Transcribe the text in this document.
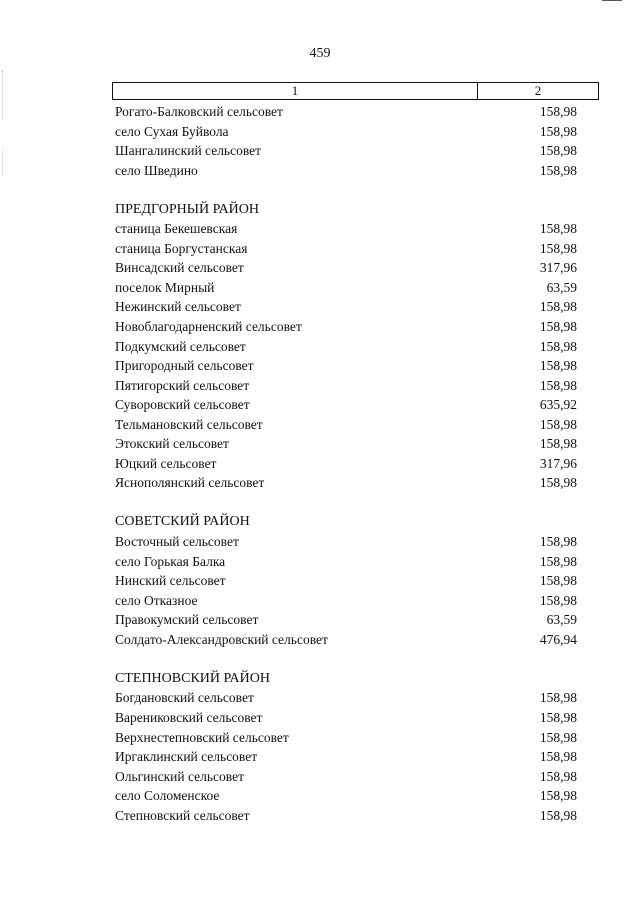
459
1	2
Рогато-Балковский сельсовет	158,98
село Сухая Буйвола	158,98
Шангалинский сельсовет	158,98
село Шведино	158,98
ПРЕДГОРНЫЙ РАЙОН
станица Бекешевская	158,98
станица Боргустанская	158,98
Винсадский сельсовет	317,96
поселок Мирный	63,59
Нежинский сельсовет	158,98
Новоблагодарненский сельсовет	158,98
Подкумский сельсовет	158,98
Пригородный сельсовет	158,98
Пятигорский сельсовет	158,98
Суворовский сельсовет	635,92
Тельмановский сельсовет	158,98
Этокский сельсовет	158,98
Юцкий сельсовет	317,96
Яснополянский сельсовет	158,98
СОВЕТСКИЙ РАЙОН
Восточный сельсовет	158,98
село Горькая Балка	158,98
Нинский сельсовет	158,98
село Отказное	158,98
Правокумский сельсовет	63,59
Солдато-Александровский сельсовет	476,94
СТЕПНОВСКИЙ РАЙОН
Богдановский сельсовет	158,98
Варениковский сельсовет	158,98
Верхнестепновский сельсовет	158,98
Иргаклинский сельсовет	158,98
Ольгинский сельсовет	158,98
село Соломенское	158,98
Степновский сельсовет	158,98
